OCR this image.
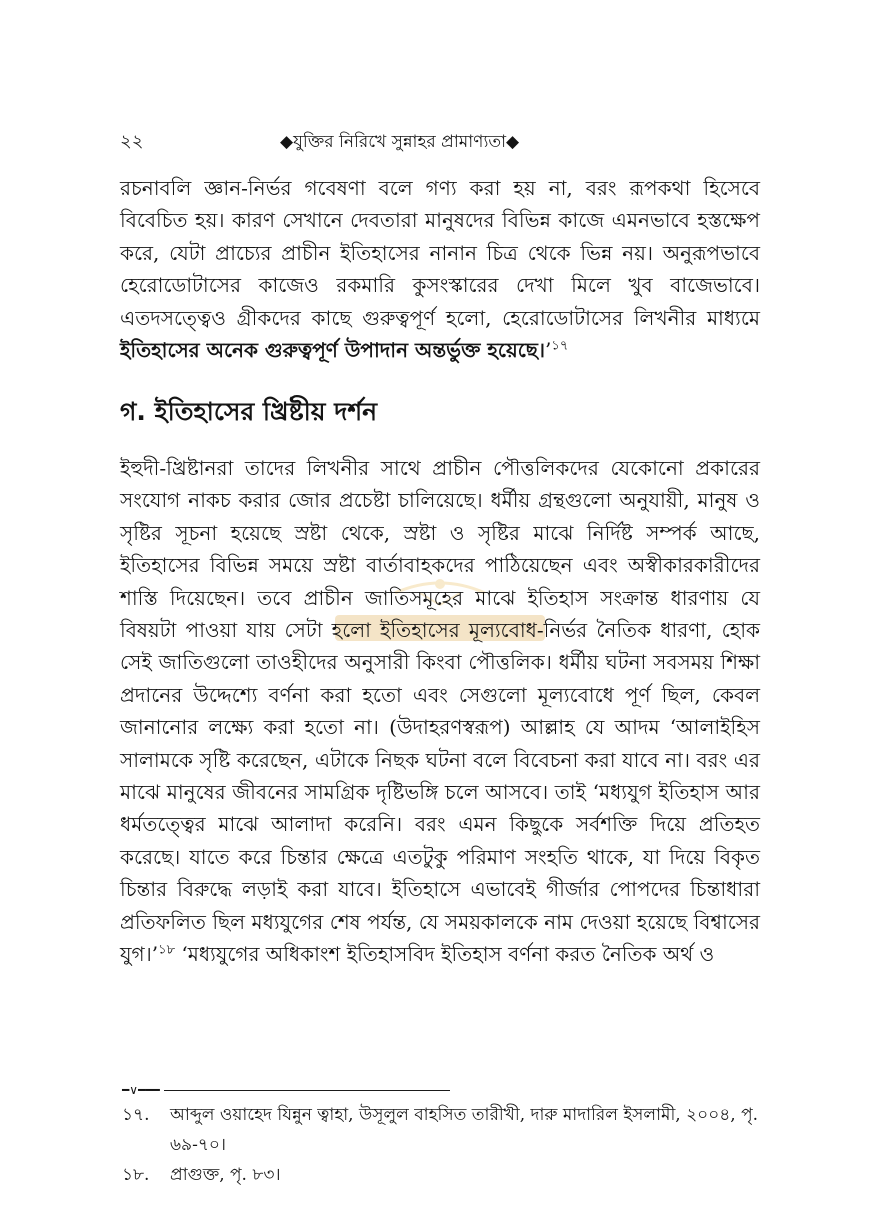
২২	◆যুক্তির নিরিখে সুন্নাহর প্রামাণ্যতা◆

রচনাবলি জ্ঞান-নির্ভর গবেষণা বলে গণ্য করা হয় না, বরং রূপকথা হিসেবে বিবেচিত হয়। কারণ সেখানে দেবতারা মানুষদের বিভিন্ন কাজে এমনভাবে হস্তক্ষেপ করে, যেটা প্রাচ্যের প্রাচীন ইতিহাসের নানান চিত্র থেকে ভিন্ন নয়। অনুরূপভাবে হেরোডোটাসের কাজেও রকমারি কুসংস্কারের দেখা মিলে খুব বাজেভাবে। এতদসত্ত্বেও গ্রীকদের কাছে গুরুত্বপূর্ণ হলো, হেরোডোটাসের লিখনীর মাধ্যমে ইতিহাসের অনেক গুরুত্বপূর্ণ উপাদান অন্তর্ভুক্ত হয়েছে।’$^{১৭}$

গ. ইতিহাসের খ্রিষ্টীয় দর্শন

ইহুদী-খ্রিষ্টানরা তাদের লিখনীর সাথে প্রাচীন পৌত্তলিকদের যেকোনো প্রকারের সংযোগ নাকচ করার জোর প্রচেষ্টা চালিয়েছে। ধর্মীয় গ্রন্থগুলো অনুযায়ী, মানুষ ও সৃষ্টির সূচনা হয়েছে স্রষ্টা থেকে, স্রষ্টা ও সৃষ্টির মাঝে নির্দিষ্ট সম্পর্ক আছে, ইতিহাসের বিভিন্ন সময়ে স্রষ্টা বার্তাবাহকদের পাঠিয়েছেন এবং অস্বীকারকারীদের শাস্তি দিয়েছেন। তবে প্রাচীন জাতিসমূহের মাঝে ইতিহাস সংক্রান্ত ধারণায় যে বিষয়টা পাওয়া যায় সেটা হলো ইতিহাসের মূল্যবোধ-নির্ভর নৈতিক ধারণা, হোক সেই জাতিগুলো তাওহীদের অনুসারী কিংবা পৌত্তলিক। ধর্মীয় ঘটনা সবসময় শিক্ষা প্রদানের উদ্দেশ্যে বর্ণনা করা হতো এবং সেগুলো মূল্যবোধে পূর্ণ ছিল, কেবল জানানোর লক্ষ্যে করা হতো না। (উদাহরণস্বরূপ) আল্লাহ যে আদম ‘আলাইহিস সালামকে সৃষ্টি করেছেন, এটাকে নিছক ঘটনা বলে বিবেচনা করা যাবে না। বরং এর মাঝে মানুষের জীবনের সামগ্রিক দৃষ্টিভঙ্গি চলে আসবে। তাই ‘মধ্যযুগ ইতিহাস আর ধর্মতত্ত্বের মাঝে আলাদা করেনি। বরং এমন কিছুকে সর্বশক্তি দিয়ে প্রতিহত করেছে। যাতে করে চিন্তার ক্ষেত্রে এতটুকু পরিমাণ সংহতি থাকে, যা দিয়ে বিকৃত চিন্তার বিরুদ্ধে লড়াই করা যাবে। ইতিহাসে এভাবেই গীর্জার পোপদের চিন্তাধারা প্রতিফলিত ছিল মধ্যযুগের শেষ পর্যন্ত, যে সময়কালকে নাম দেওয়া হয়েছে বিশ্বাসের যুগ।’$^{১৮}$ ‘মধ্যযুগের অধিকাংশ ইতিহাসবিদ ইতিহাস বর্ণনা করত নৈতিক অর্থ ও

━∨━━━
১৭.	আব্দুল ওয়াহেদ যিন্নুন ত্বাহা, উসূলুল বাহসিত তারীখী, দারু মাদারিল ইসলামী, ২০০৪, পৃ. ৬৯-৭০।
১৮.	প্রাগুক্ত, পৃ. ৮৩।
